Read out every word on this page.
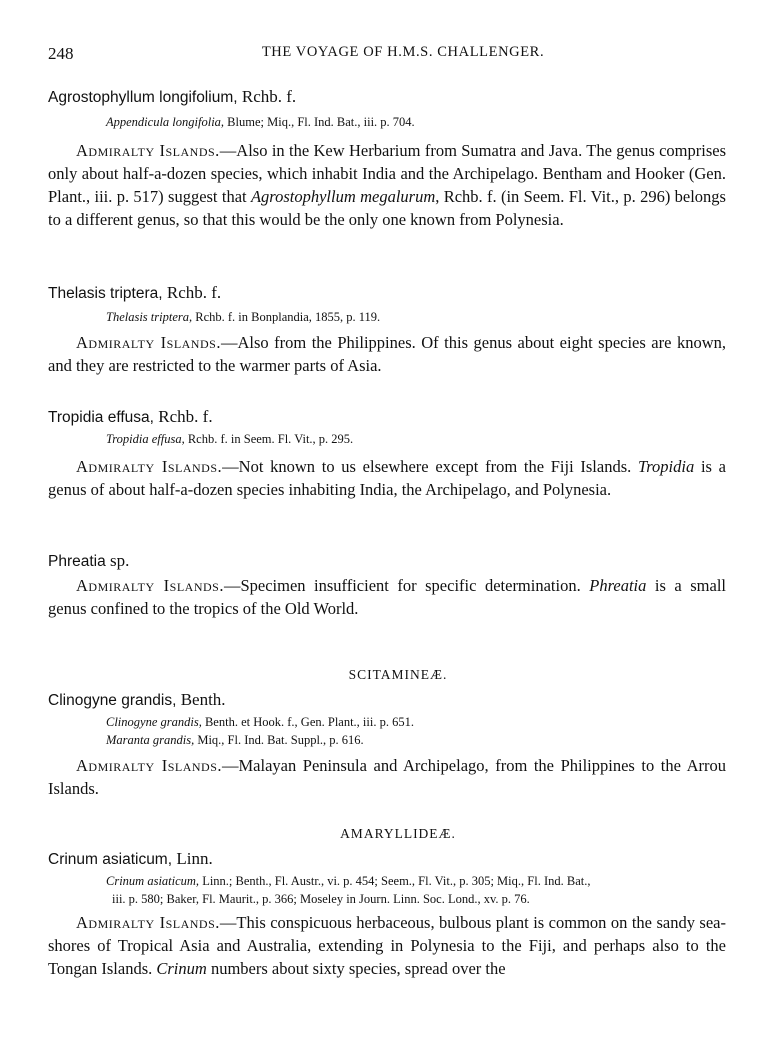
248	THE VOYAGE OF H.M.S. CHALLENGER.
Agrostophyllum longifolium, Rchb. f.
Appendicula longifolia, Blume; Miq., Fl. Ind. Bat., iii. p. 704.
Admiralty Islands.—Also in the Kew Herbarium from Sumatra and Java. The genus comprises only about half-a-dozen species, which inhabit India and the Archipelago. Bentham and Hooker (Gen. Plant., iii. p. 517) suggest that Agrostophyllum megalurum, Rchb. f. (in Seem. Fl. Vit., p. 296) belongs to a different genus, so that this would be the only one known from Polynesia.
Thelasis triptera, Rchb. f.
Thelasis triptera, Rchb. f. in Bonplandia, 1855, p. 119.
Admiralty Islands.—Also from the Philippines. Of this genus about eight species are known, and they are restricted to the warmer parts of Asia.
Tropidia effusa, Rchb. f.
Tropidia effusa, Rchb. f. in Seem. Fl. Vit., p. 295.
Admiralty Islands.—Not known to us elsewhere except from the Fiji Islands. Tropidia is a genus of about half-a-dozen species inhabiting India, the Archipelago, and Polynesia.
Phreatia sp.
Admiralty Islands.—Specimen insufficient for specific determination. Phreatia is a small genus confined to the tropics of the Old World.
SCITAMINEÆ.
Clinogyne grandis, Benth.
Clinogyne grandis, Benth. et Hook. f., Gen. Plant., iii. p. 651.
Maranta grandis, Miq., Fl. Ind. Bat. Suppl., p. 616.
Admiralty Islands.—Malayan Peninsula and Archipelago, from the Philippines to the Arrou Islands.
AMARYLLIDEÆ.
Crinum asiaticum, Linn.
Crinum asiaticum, Linn.; Benth., Fl. Austr., vi. p. 454; Seem., Fl. Vit., p. 305; Miq., Fl. Ind. Bat.,
iii. p. 580; Baker, Fl. Maurit., p. 366; Moseley in Journ. Linn. Soc. Lond., xv. p. 76.
Admiralty Islands.—This conspicuous herbaceous, bulbous plant is common on the sandy sea-shores of Tropical Asia and Australia, extending in Polynesia to the Fiji, and perhaps also to the Tongan Islands. Crinum numbers about sixty species, spread over the
